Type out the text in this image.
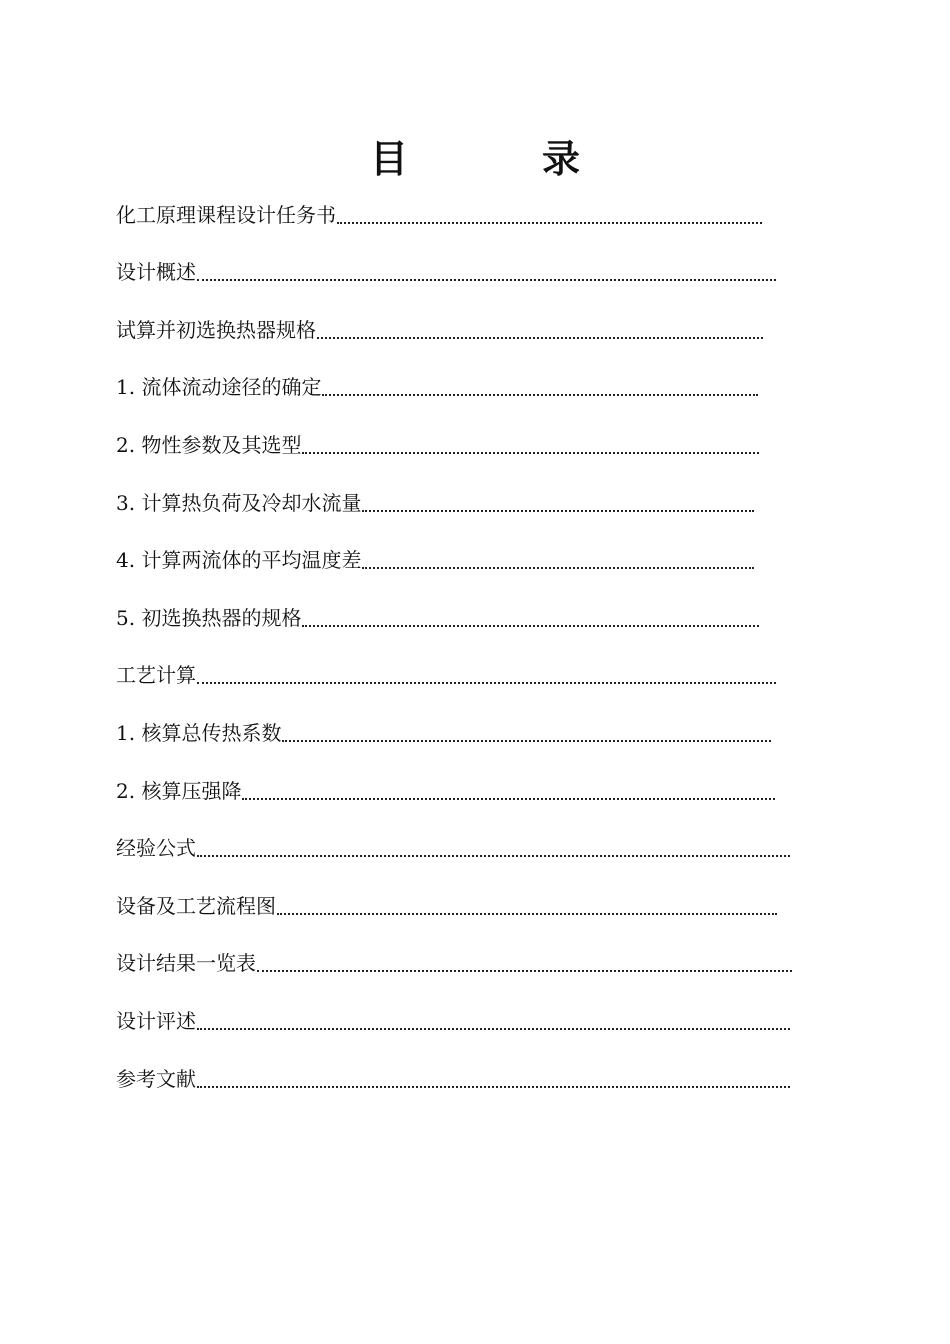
目　录
化工原理课程设计任务书
设计概述
试算并初选换热器规格
1. 流体流动途径的确定
2. 物性参数及其选型
3. 计算热负荷及冷却水流量
4. 计算两流体的平均温度差
5. 初选换热器的规格
工艺计算
1. 核算总传热系数
2. 核算压强降
经验公式
设备及工艺流程图
设计结果一览表
设计评述
参考文献
